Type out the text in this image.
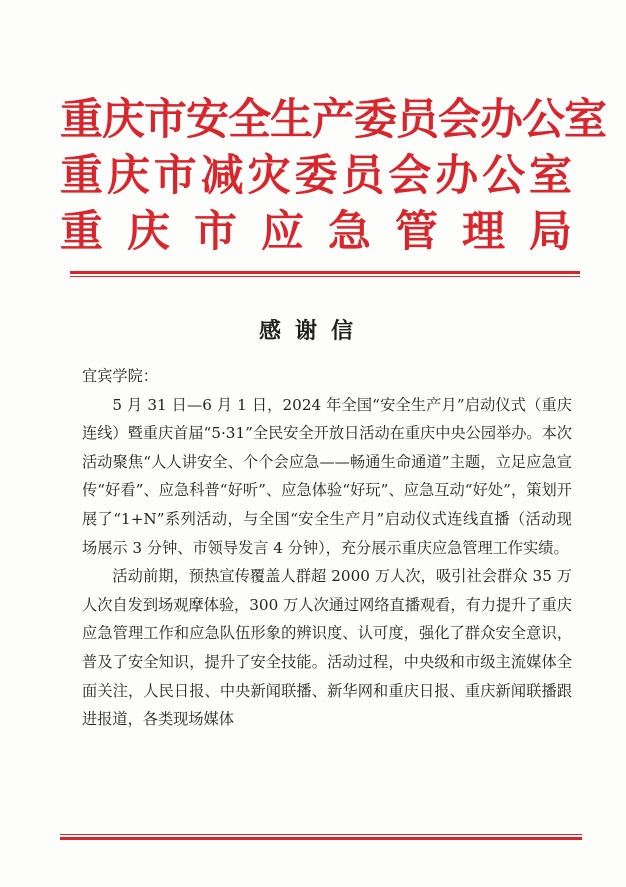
重庆市安全生产委员会办公室
重庆市减灾委员会办公室
重 庆 市 应 急 管 理 局
感谢信

宜宾学院：

5 月 31 日—6 月 1 日，2024 年全国“安全生产月”启动仪式（重庆连线）暨重庆首届“5·31”全民安全开放日活动在重庆中央公园举办。本次活动聚焦“人人讲安全、个个会应急——畅通生命通道”主题，立足应急宣传“好看”、应急科普“好听”、应急体验“好玩”、应急互动“好处”，策划开展了“1+N”系列活动，与全国“安全生产月”启动仪式连线直播（活动现场展示 3 分钟、市领导发言 4 分钟），充分展示重庆应急管理工作实绩。

活动前期，预热宣传覆盖人群超 2000 万人次，吸引社会群众 35 万人次自发到场观摩体验，300 万人次通过网络直播观看，有力提升了重庆应急管理工作和应急队伍形象的辨识度、认可度，强化了群众安全意识，普及了安全知识，提升了安全技能。活动过程，中央级和市级主流媒体全面关注，人民日报、中央新闻联播、新华网和重庆日报、重庆新闻联播跟进报道，各类现场媒体
